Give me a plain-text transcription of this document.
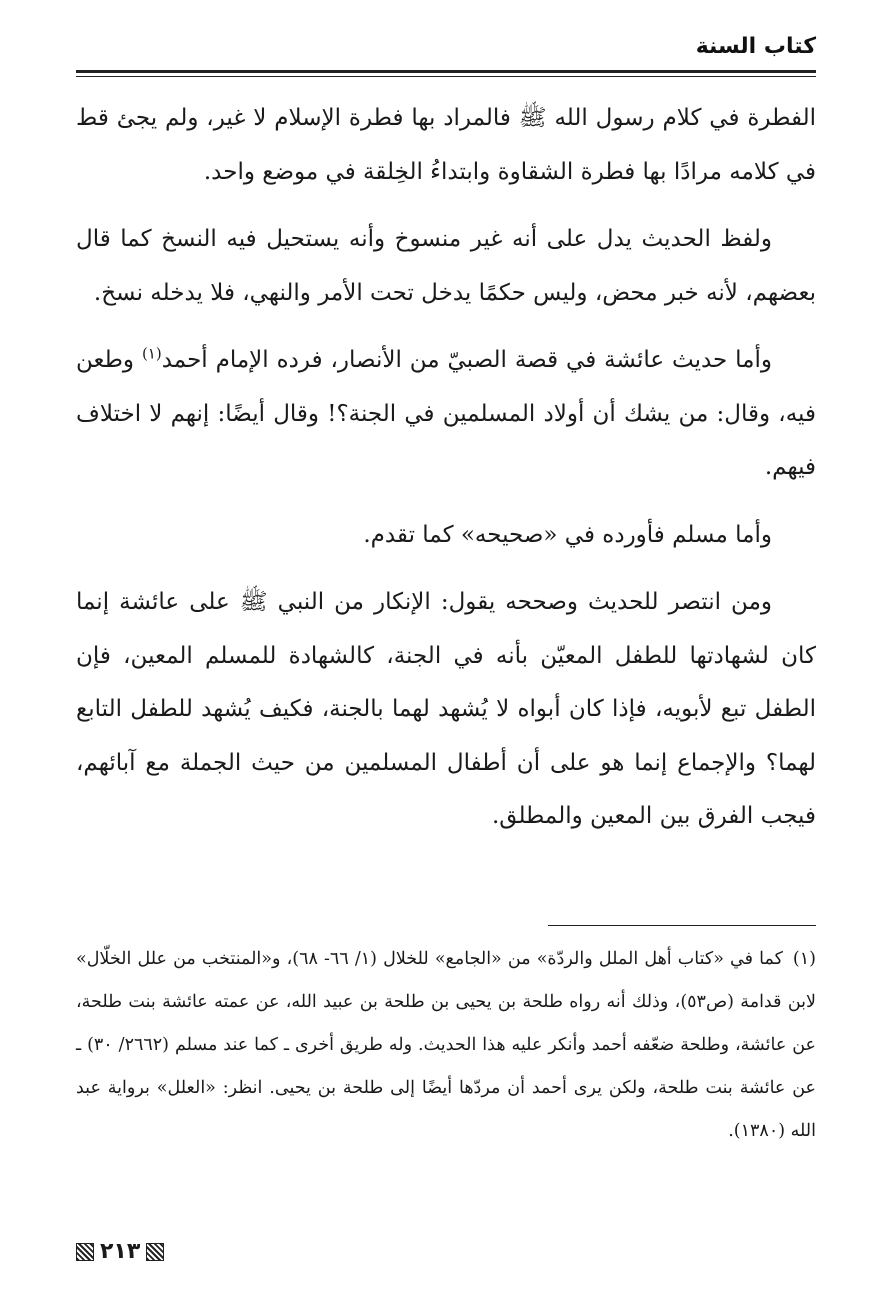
كتاب السنة

الفطرة في كلام رسول الله ﷺ فالمراد بها فطرة الإسلام لا غير، ولم يجئ قط في كلامه مرادًا بها فطرة الشقاوة وابتداءُ الخِلقة في موضع واحد.

ولفظ الحديث يدل على أنه غير منسوخ وأنه يستحيل فيه النسخ كما قال بعضهم، لأنه خبر محض، وليس حكمًا يدخل تحت الأمر والنهي، فلا يدخله نسخ.

وأما حديث عائشة في قصة الصبيّ من الأنصار، فرده الإمام أحمد$^{(١)}$ وطعن فيه، وقال: من يشك أن أولاد المسلمين في الجنة؟! وقال أيضًا: إنهم لا اختلاف فيهم.

وأما مسلم فأورده في «صحيحه» كما تقدم.

ومن انتصر للحديث وصححه يقول: الإنكار من النبي ﷺ على عائشة إنما كان لشهادتها للطفل المعيّن بأنه في الجنة، كالشهادة للمسلم المعين، فإن الطفل تبع لأبويه، فإذا كان أبواه لا يُشهد لهما بالجنة، فكيف يُشهد للطفل التابع لهما؟ والإجماع إنما هو على أن أطفال المسلمين من حيث الجملة مع آبائهم، فيجب الفرق بين المعين والمطلق.

(١)كما في «كتاب أهل الملل والردّة» من «الجامع» للخلال (١/ ٦٦- ٦٨)، و«المنتخب من علل الخلّال» لابن قدامة (ص٥٣)، وذلك أنه رواه طلحة بن يحيى بن طلحة بن عبيد الله، عن عمته عائشة بنت طلحة، عن عائشة، وطلحة ضعّفه أحمد وأنكر عليه هذا الحديث. وله طريق أخرى ـ كما عند مسلم (٢٦٦٢/ ٣٠) ـ عن عائشة بنت طلحة، ولكن يرى أحمد أن مردّها أيضًا إلى طلحة بن يحيى. انظر: «العلل» برواية عبد الله (١٣٨٠).
٢١٣
